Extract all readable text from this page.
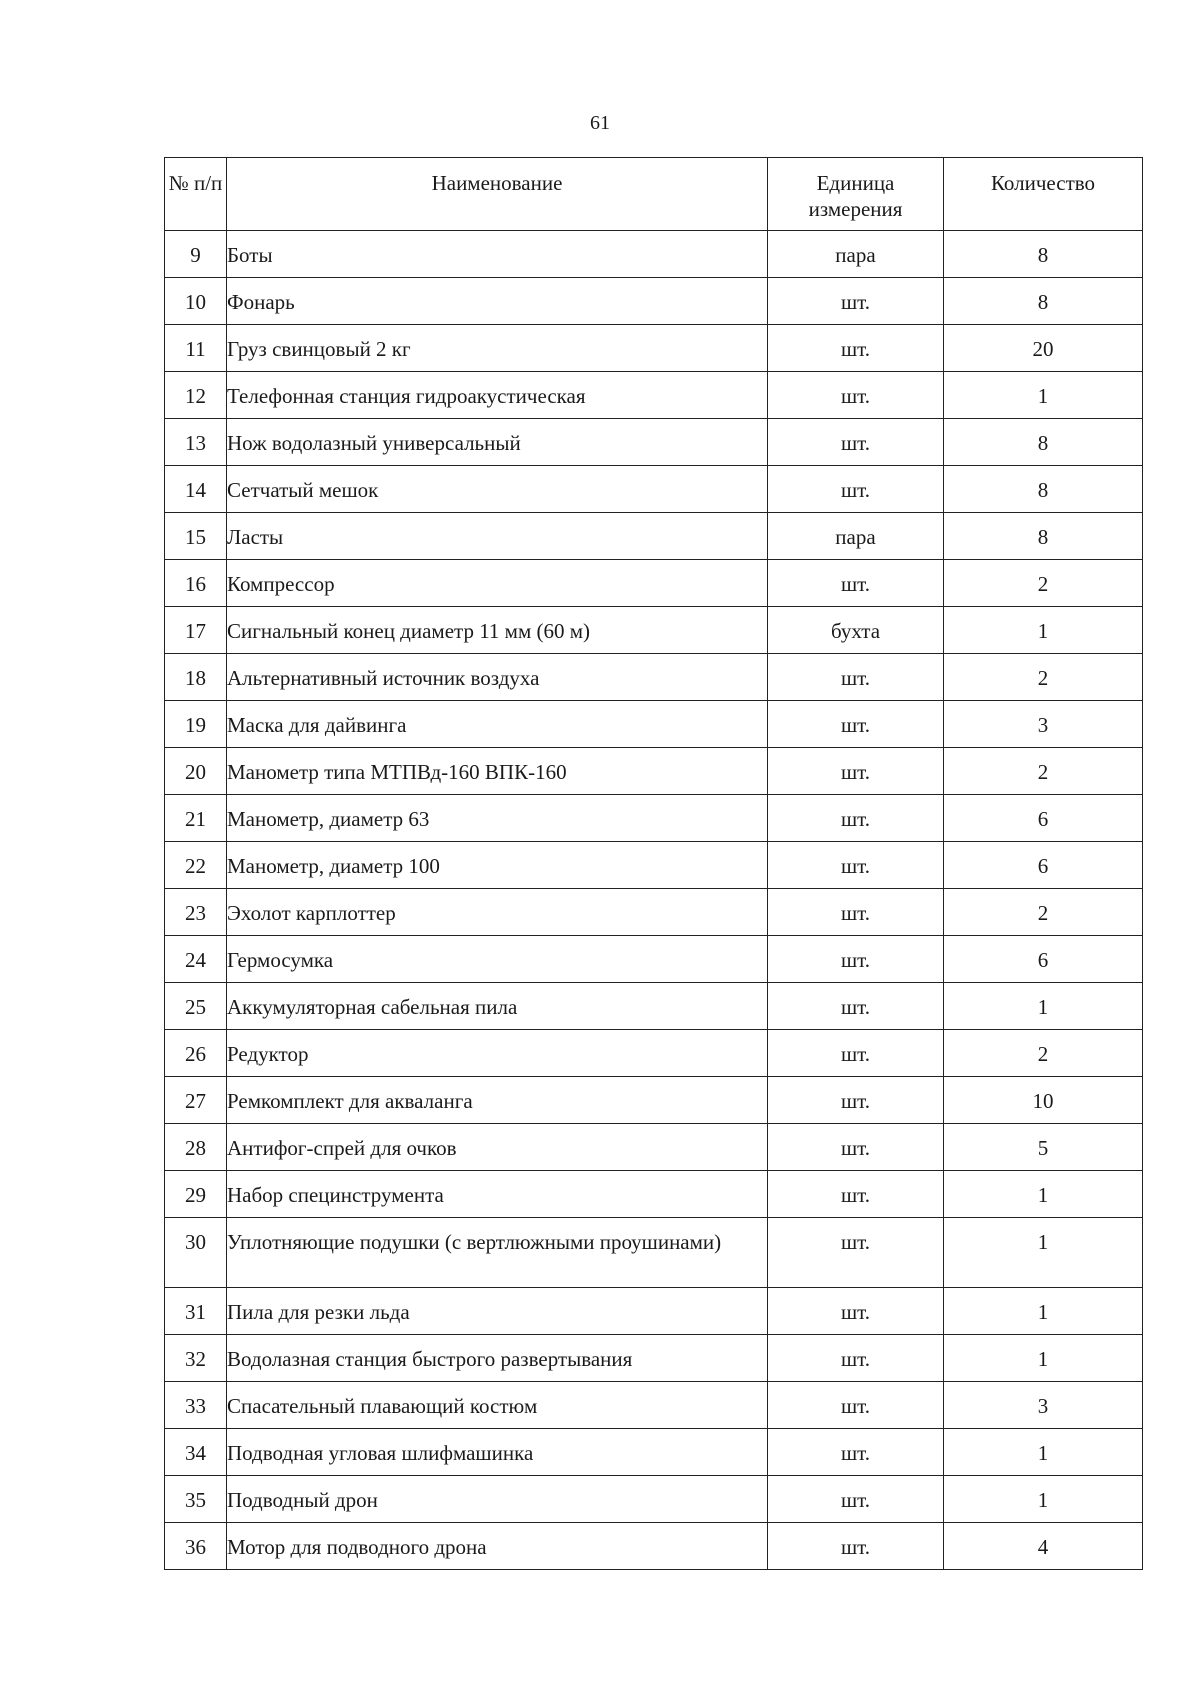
61
№ п/п	Наименование	Единица измерения	Количество
9	Боты	пара	8
10	Фонарь	шт.	8
11	Груз свинцовый 2 кг	шт.	20
12	Телефонная станция гидроакустическая	шт.	1
13	Нож водолазный универсальный	шт.	8
14	Сетчатый мешок	шт.	8
15	Ласты	пара	8
16	Компрессор	шт.	2
17	Сигнальный конец диаметр 11 мм (60 м)	бухта	1
18	Альтернативный источник воздуха	шт.	2
19	Маска для дайвинга	шт.	3
20	Манометр типа МТПВд-160 ВПК-160	шт.	2
21	Манометр, диаметр 63	шт.	6
22	Манометр, диаметр 100	шт.	6
23	Эхолот карплоттер	шт.	2
24	Гермосумка	шт.	6
25	Аккумуляторная сабельная пила	шт.	1
26	Редуктор	шт.	2
27	Ремкомплект для акваланга	шт.	10
28	Антифог-спрей для очков	шт.	5
29	Набор специнструмента	шт.	1
30	Уплотняющие подушки (с вертлюжными проушинами)	шт.	1
31	Пила для резки льда	шт.	1
32	Водолазная станция быстрого развертывания	шт.	1
33	Спасательный плавающий костюм	шт.	3
34	Подводная угловая шлифмашинка	шт.	1
35	Подводный дрон	шт.	1
36	Мотор для подводного дрона	шт.	4
